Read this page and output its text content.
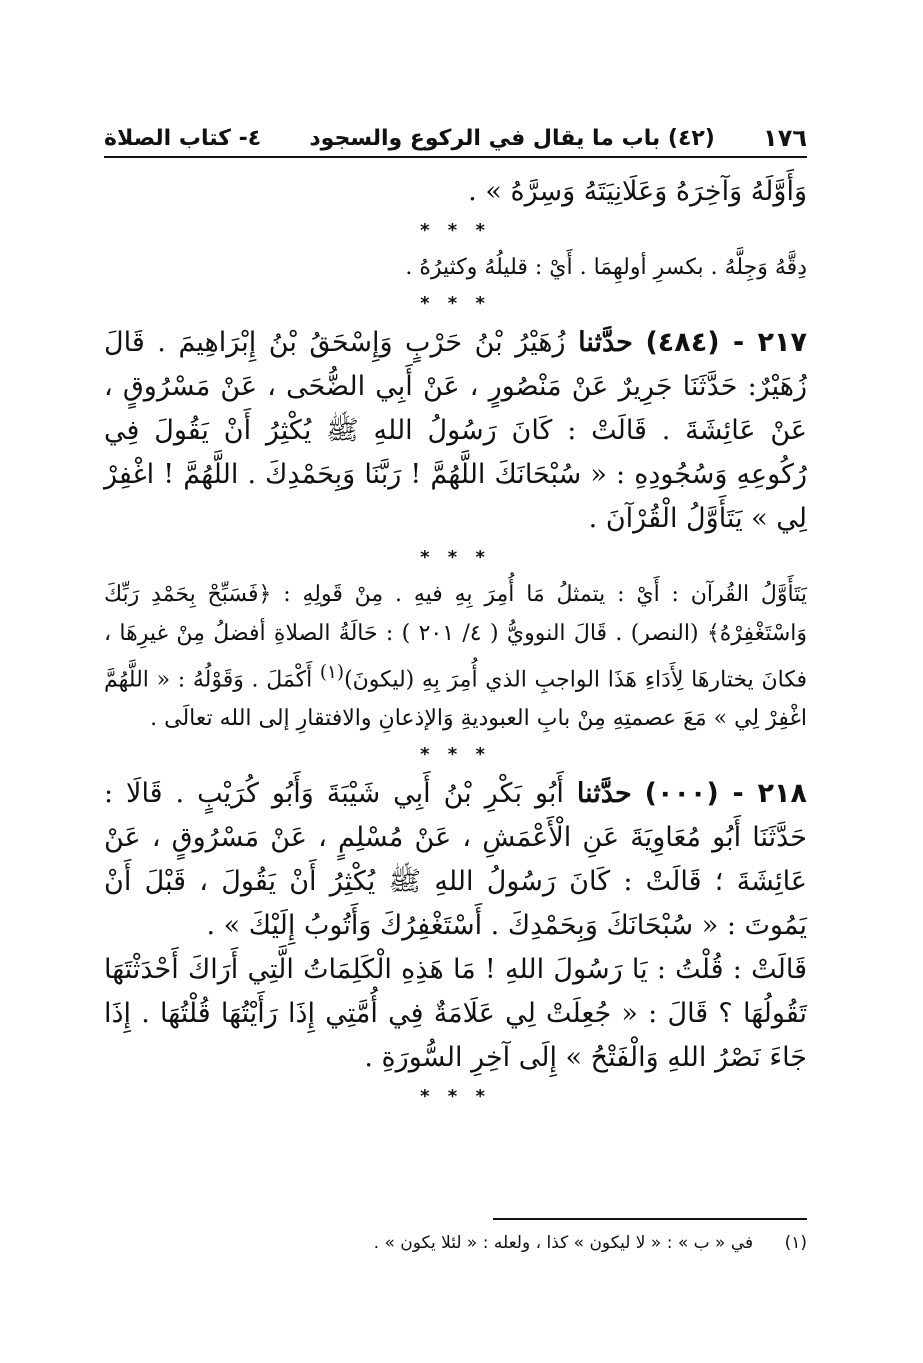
١٧٦
(٤٢) باب ما يقال في الركوع والسجود
٤- كتاب الصلاة

وَأَوَّلَهُ وَآخِرَهُ وَعَلَانِيَتَهُ وَسِرَّهُ » .

* * *

دِقَّهُ وَجِلَّهُ . بكسرِ أولهِمَا . أَيْ : قليلُهُ وكثيرُهُ .

* * *

٢١٧ - (٤٨٤) حدَّثنا زُهَيْرُ بْنُ حَرْبٍ وَإِسْحَقُ بْنُ إِبْرَاهِيمَ . قَالَ زُهَيْرٌ: حَدَّثَنَا جَرِيرٌ عَنْ مَنْصُورٍ ، عَنْ أَبِي الضُّحَى ، عَنْ مَسْرُوقٍ ، عَنْ عَائِشَةَ . قَالَتْ : كَانَ رَسُولُ اللهِ ﷺ يُكْثِرُ أَنْ يَقُولَ فِي رُكُوعِهِ وَسُجُودِهِ : « سُبْحَانَكَ اللَّهُمَّ ! رَبَّنَا وَبِحَمْدِكَ . اللَّهُمَّ ! اغْفِرْ لِي » يَتَأَوَّلُ الْقُرْآنَ .

* * *

يَتَأَوَّلُ القُرآن : أَيْ : يتمثلُ مَا أُمِرَ بِهِ فيهِ . مِنْ قَولِهِ : ﴿فَسَبِّحْ بِحَمْدِ رَبِّكَ وَاسْتَغْفِرْهُ﴾ (النصر) . قَالَ النوويُّ ( ٤/ ٢٠١ ) : حَالَةُ الصلاةِ أفضلُ مِنْ غيرِهَا ، فكانَ يختارهَا لِأَدَاءِ هَذَا الواجبِ الذي أُمِرَ بِهِ (ليكونَ)$^{(١)}$ أَكْمَلَ . وَقَوْلُهُ : « اللَّهُمَّ اغْفِرْ لِي » مَعَ عصمتِهِ مِنْ بابِ العبوديةِ وَالإذعانِ والافتقارِ إلى الله تعالَى .

* * *

٢١٨ - (٠٠٠) حدَّثنا أَبُو بَكْرِ بْنُ أَبِي شَيْبَةَ وَأَبُو كُرَيْبٍ . قَالَا : حَدَّثَنَا أَبُو مُعَاوِيَةَ عَنِ الْأَعْمَشِ ، عَنْ مُسْلِمٍ ، عَنْ مَسْرُوقٍ ، عَنْ عَائِشَةَ ؛ قَالَتْ : كَانَ رَسُولُ اللهِ ﷺ يُكْثِرُ أَنْ يَقُولَ ، قَبْلَ أَنْ يَمُوتَ : « سُبْحَانَكَ وَبِحَمْدِكَ . أَسْتَغْفِرُكَ وَأَتُوبُ إِلَيْكَ » .

قَالَتْ : قُلْتُ : يَا رَسُولَ اللهِ ! مَا هَذِهِ الْكَلِمَاتُ الَّتِي أَرَاكَ أَحْدَثْتَهَا تَقُولُهَا ؟ قَالَ : « جُعِلَتْ لِي عَلَامَةٌ فِي أُمَّتِي إِذَا رَأَيْتُهَا قُلْتُهَا . إِذَا جَاءَ نَصْرُ اللهِ وَالْفَتْحُ » إِلَى آخِرِ السُّورَةِ .

* * *
(١) في « ب » : « لا ليكون » كذا ، ولعله : « لئلا يكون » .
